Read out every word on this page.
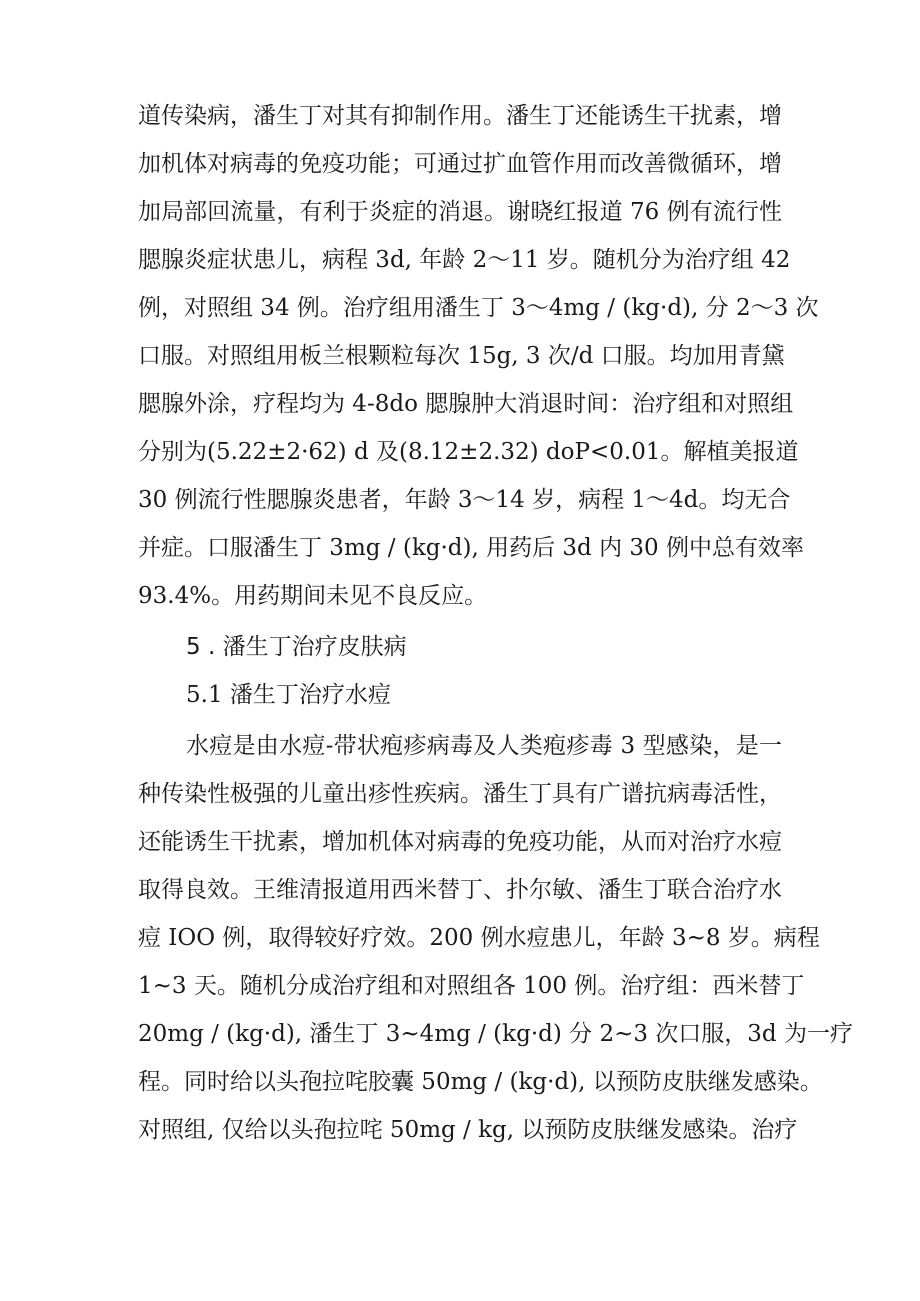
道传染病，潘生丁对其有抑制作用。潘生丁还能诱生干扰素，增
加机体对病毒的免疫功能；可通过扩血管作用而改善微循环，增
加局部回流量，有利于炎症的消退。谢晓红报道 76 例有流行性
腮腺炎症状患儿，病程 3d, 年龄 2～11 岁。随机分为治疗组 42
例，对照组 34 例。治疗组用潘生丁 3～4mg / (kg·d), 分 2～3 次
口服。对照组用板兰根颗粒每次 15g, 3 次/d 口服。均加用青黛
腮腺外涂，疗程均为 4-8do 腮腺肿大消退时间：治疗组和对照组
分别为(5.22±2·62) d 及(8.12±2.32) doP<0.01。解植美报道
30 例流行性腮腺炎患者，年龄 3～14 岁，病程 1～4d。均无合
并症。口服潘生丁 3mg / (kg·d), 用药后 3d 内 30 例中总有效率
93.4%。用药期间未见不良反应。
5 . 潘生丁治疗皮肤病
5.1 潘生丁治疗水痘
水痘是由水痘-带状疱疹病毒及人类疱疹毒 3 型感染，是一
种传染性极强的儿童出疹性疾病。潘生丁具有广谱抗病毒活性，
还能诱生干扰素，增加机体对病毒的免疫功能，从而对治疗水痘
取得良效。王维清报道用西米替丁、扑尔敏、潘生丁联合治疗水
痘 IOO 例，取得较好疗效。200 例水痘患儿，年龄 3~8 岁。病程
1~3 天。随机分成治疗组和对照组各 100 例。治疗组：西米替丁
20mg / (kg·d), 潘生丁 3~4mg / (kg·d) 分 2~3 次口服，3d 为一疗
程。同时给以头孢拉咤胶囊 50mg / (kg·d), 以预防皮肤继发感染。
对照组, 仅给以头孢拉咤 50mg / kg, 以预防皮肤继发感染。治疗
